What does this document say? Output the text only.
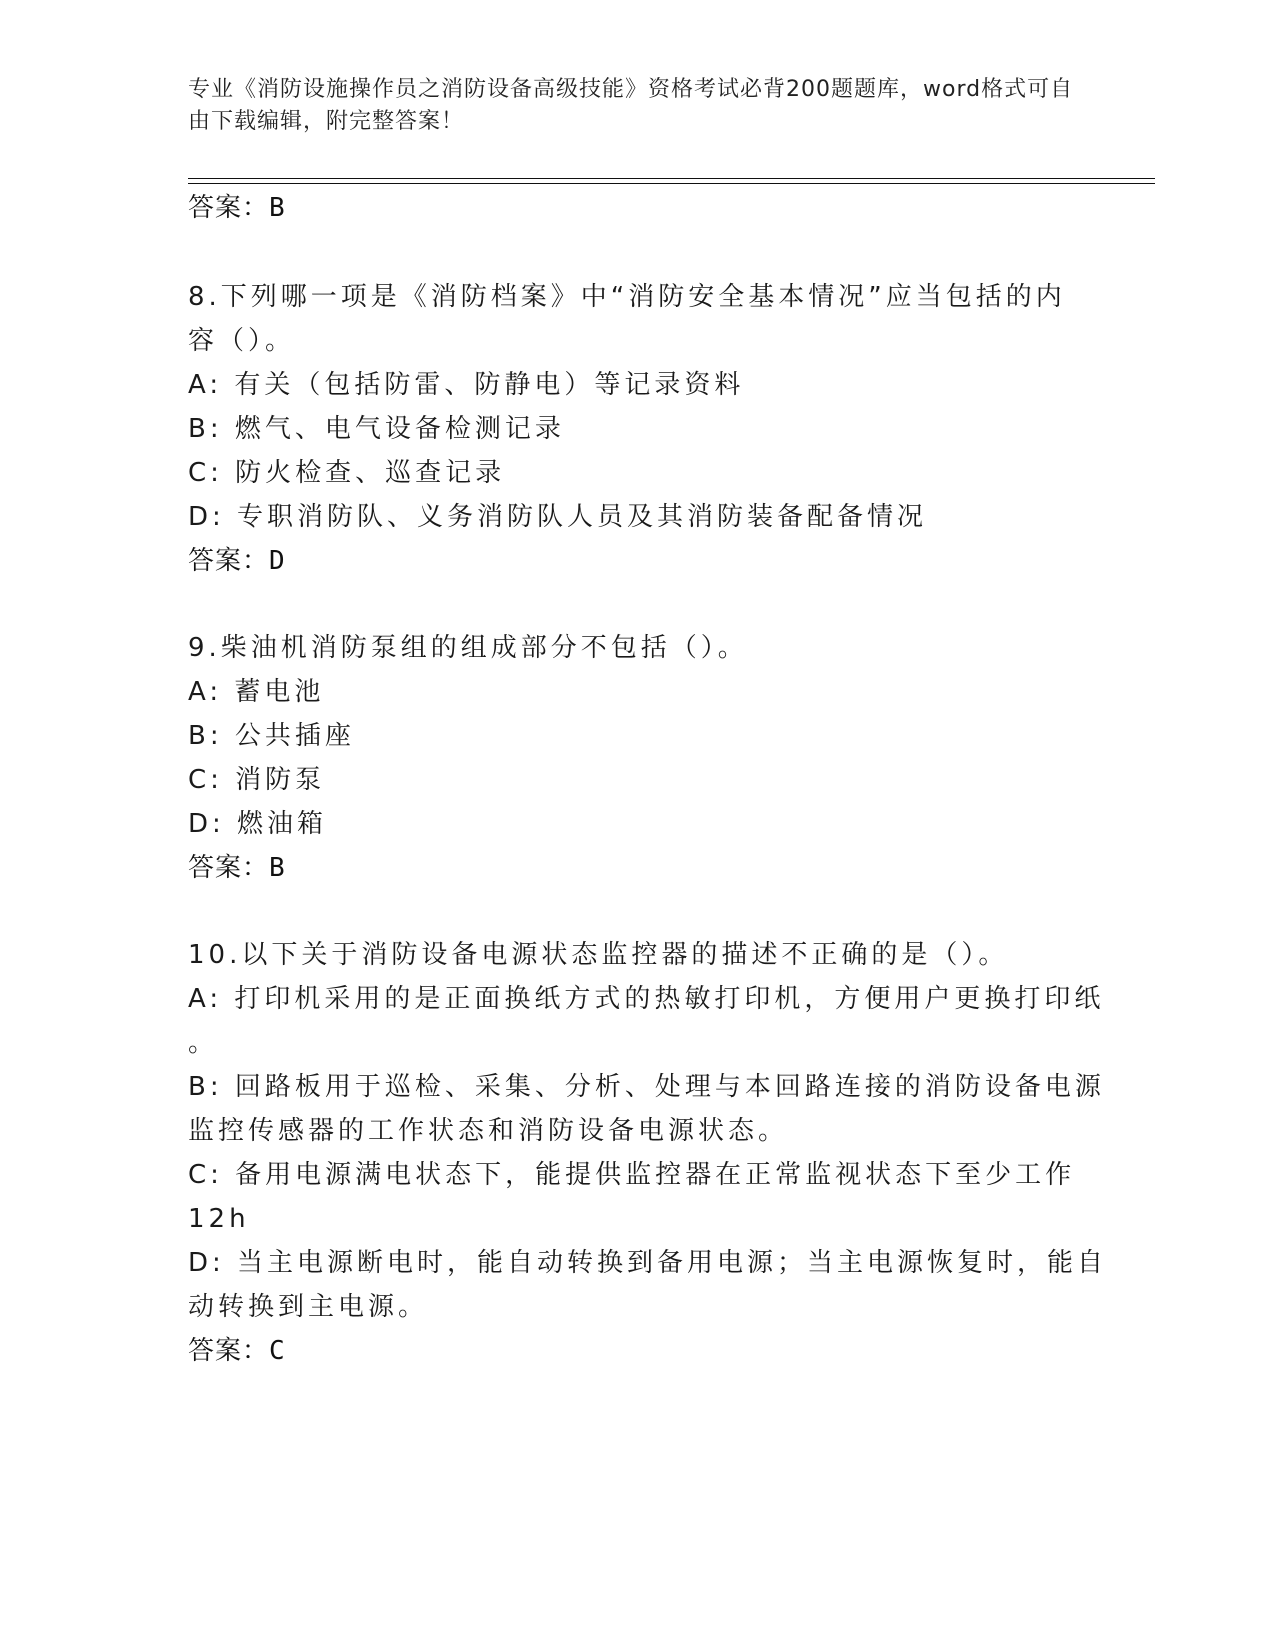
专业《消防设施操作员之消防设备高级技能》资格考试必背200题题库，word格式可自由下载编辑，附完整答案！
答案：B
8.下列哪一项是《消防档案》中“消防安全基本情况”应当包括的内
容（）。
A: 有关（包括防雷、防静电）等记录资料
B: 燃气、电气设备检测记录
C: 防火检查、巡查记录
D: 专职消防队、义务消防队人员及其消防装备配备情况
答案：D
9.柴油机消防泵组的组成部分不包括（）。
A: 蓄电池
B: 公共插座
C: 消防泵
D: 燃油箱
答案：B
10.以下关于消防设备电源状态监控器的描述不正确的是（）。
A: 打印机采用的是正面换纸方式的热敏打印机，方便用户更换打印纸
。
B: 回路板用于巡检、采集、分析、处理与本回路连接的消防设备电源
监控传感器的工作状态和消防设备电源状态。
C: 备用电源满电状态下，能提供监控器在正常监视状态下至少工作
12h
D: 当主电源断电时，能自动转换到备用电源；当主电源恢复时，能自
动转换到主电源。
答案：C
